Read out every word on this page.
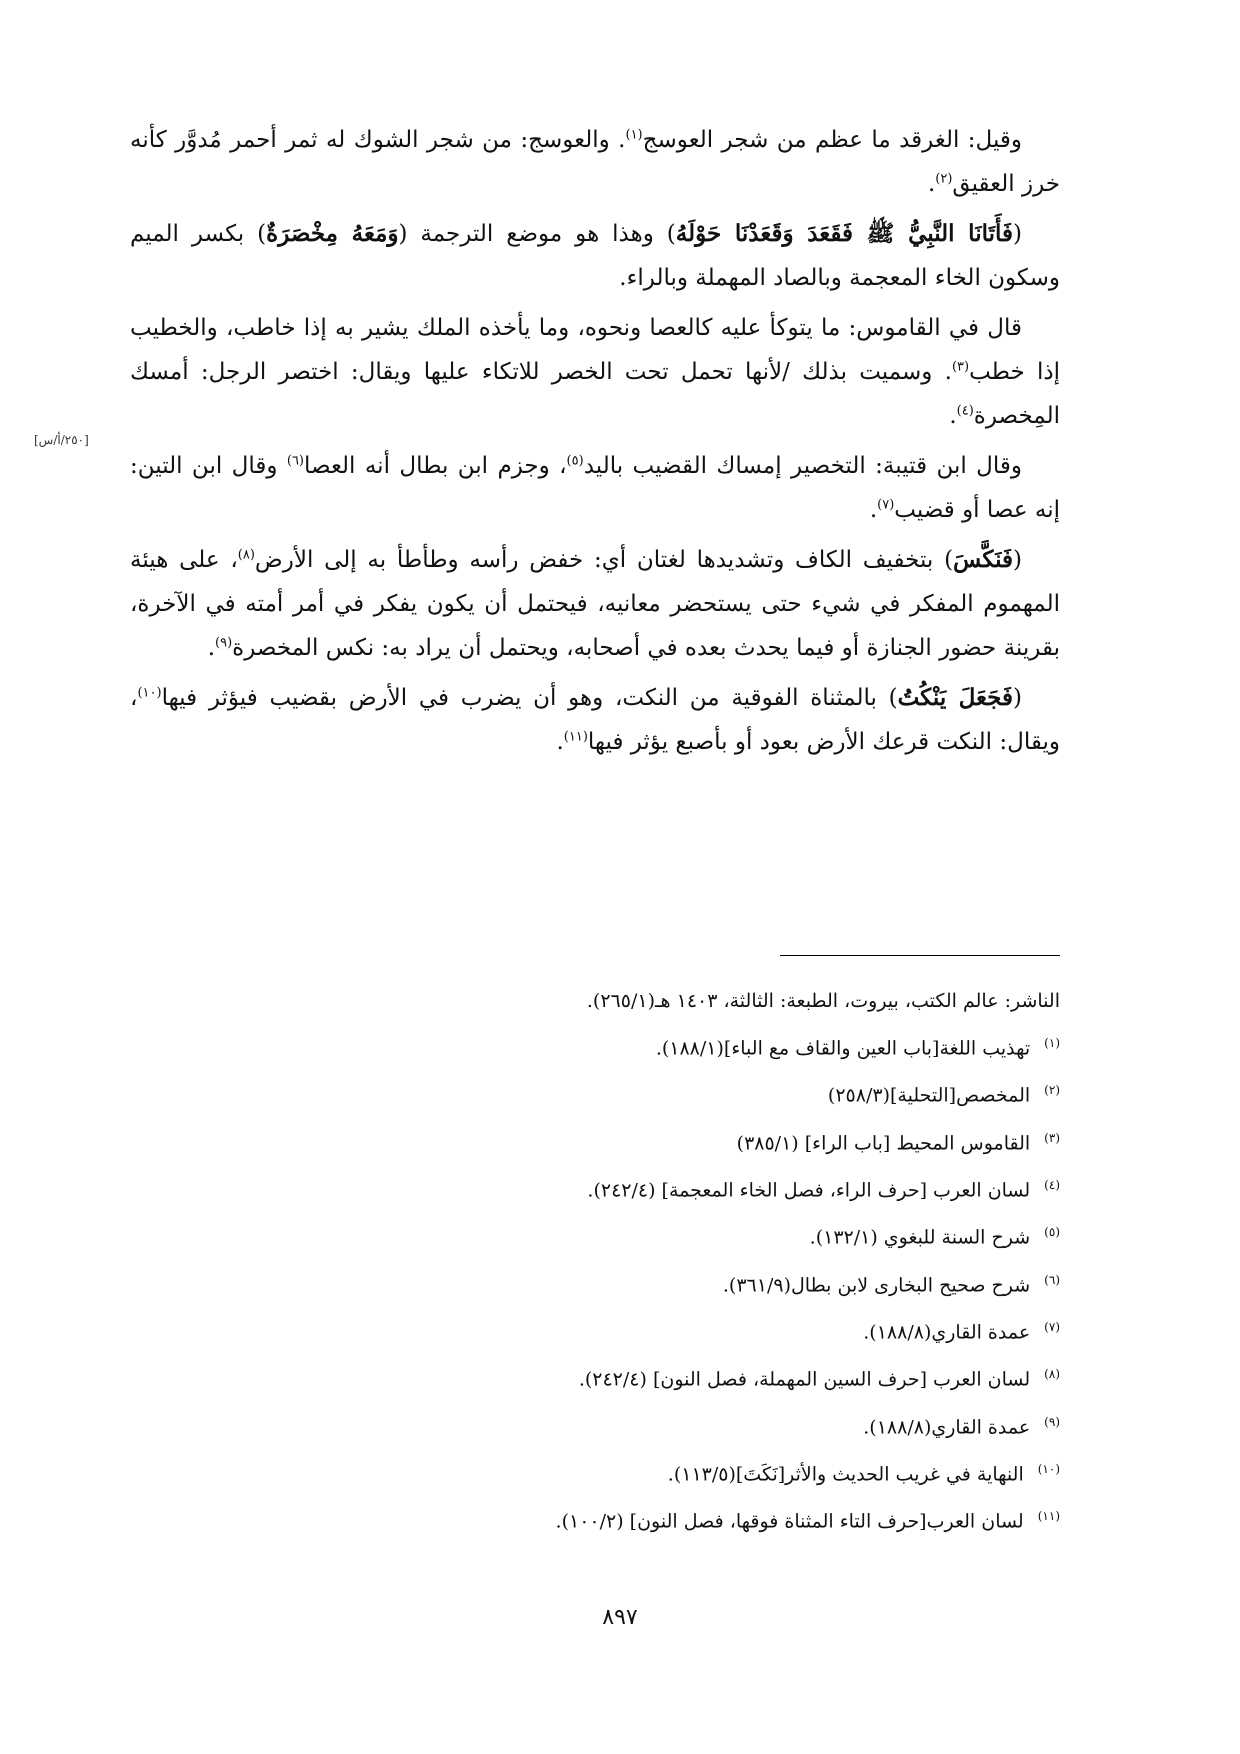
وقيل: الغرقد ما عظم من شجر العوسج$^{(١)}$. والعوسج: من شجر الشوك له ثمر أحمر مُدوَّر كأنه خرز العقيق$^{(٢)}$.

(فَأَتَانَا النَّبِيُّ ﷺ فَقَعَدَ وَقَعَدْنَا حَوْلَهُ) وهذا هو موضع الترجمة (وَمَعَهُ مِخْصَرَةٌ) بكسر الميم وسكون الخاء المعجمة وبالصاد المهملة وبالراء.

قال في القاموس: ما يتوكأ عليه كالعصا ونحوه، وما يأخذه الملك يشير به إذا خاطب، والخطيب إذا خطب$^{(٣)}$. وسميت بذلك /لأنها تحمل تحت الخصر للاتكاء عليها ويقال: اختصر الرجل: أمسك المِخصرة$^{(٤)}$.

وقال ابن قتيبة: التخصير إمساك القضيب باليد$^{(٥)}$، وجزم ابن بطال أنه العصا$^{(٦)}$ وقال ابن التين: إنه عصا أو قضيب$^{(٧)}$.

(فَنَكَّسَ) بتخفيف الكاف وتشديدها لغتان أي: خفض رأسه وطأطأ به إلى الأرض$^{(٨)}$، على هيئة المهموم المفكر في شيء حتى يستحضر معانيه، فيحتمل أن يكون يفكر في أمر أمته في الآخرة، بقرينة حضور الجنازة أو فيما يحدث بعده في أصحابه، ويحتمل أن يراد به: نكس المخصرة$^{(٩)}$.

(فَجَعَلَ يَنْكُتُ) بالمثناة الفوقية من النكت، وهو أن يضرب في الأرض بقضيب فيؤثر فيها$^{(١٠)}$، ويقال: النكت قرعك الأرض بعود أو بأصبع يؤثر فيها$^{(١١)}$.

[٢٥٠/أ/س]

الناشر: عالم الكتب، بيروت، الطبعة: الثالثة، ١٤٠٣ هـ(٢٦٥/١).

$^{(١)}$تهذيب اللغة[باب العين والقاف مع الباء](١٨٨/١).

$^{(٢)}$المخصص[التحلية](٢٥٨/٣)

$^{(٣)}$القاموس المحيط [باب الراء] (٣٨٥/١)

$^{(٤)}$لسان العرب [حرف الراء، فصل الخاء المعجمة] (٢٤٢/٤).

$^{(٥)}$شرح السنة للبغوي (١٣٢/١).

$^{(٦)}$شرح صحيح البخارى لابن بطال(٣٦١/٩).

$^{(٧)}$عمدة القاري(١٨٨/٨).

$^{(٨)}$لسان العرب [حرف السين المهملة، فصل النون] (٢٤٢/٤).

$^{(٩)}$عمدة القاري(١٨٨/٨).

$^{(١٠)}$النهاية في غريب الحديث والأثر[نَكَتَ](١١٣/٥).

$^{(١١)}$لسان العرب[حرف التاء المثناة فوقها، فصل النون] (١٠٠/٢).

٨٩٧
